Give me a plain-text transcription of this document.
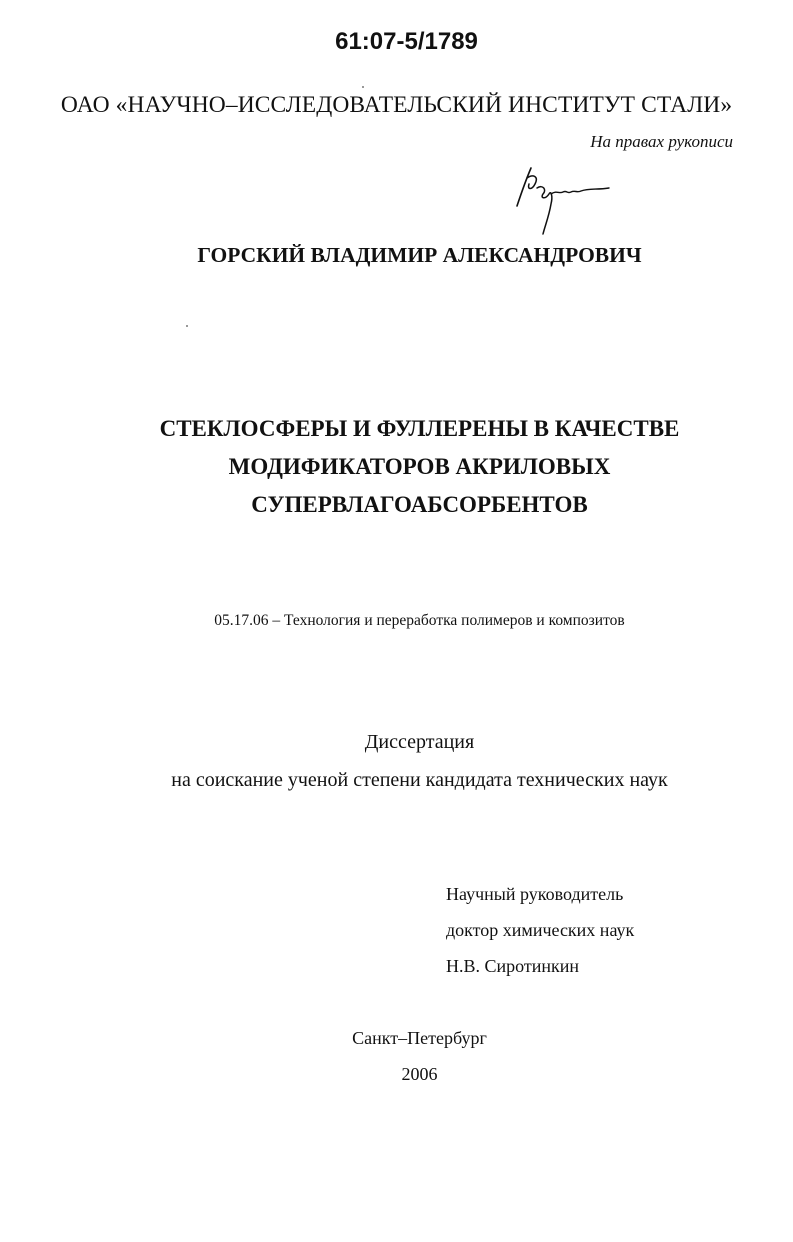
61:07-5/1789
ОАО «НАУЧНО–ИССЛЕДОВАТЕЛЬСКИЙ ИНСТИТУТ СТАЛИ»
На правах рукописи
ГОРСКИЙ ВЛАДИМИР АЛЕКСАНДРОВИЧ
СТЕКЛОСФЕРЫ И ФУЛЛЕРЕНЫ В КАЧЕСТВЕ
МОДИФИКАТОРОВ АКРИЛОВЫХ
СУПЕРВЛАГОАБСОРБЕНТОВ
05.17.06 – Технология и переработка полимеров и композитов
Диссертация
на соискание ученой степени кандидата технических наук
Научный руководитель
доктор химических наук
Н.В. Сиротинкин
Санкт–Петербург
2006
